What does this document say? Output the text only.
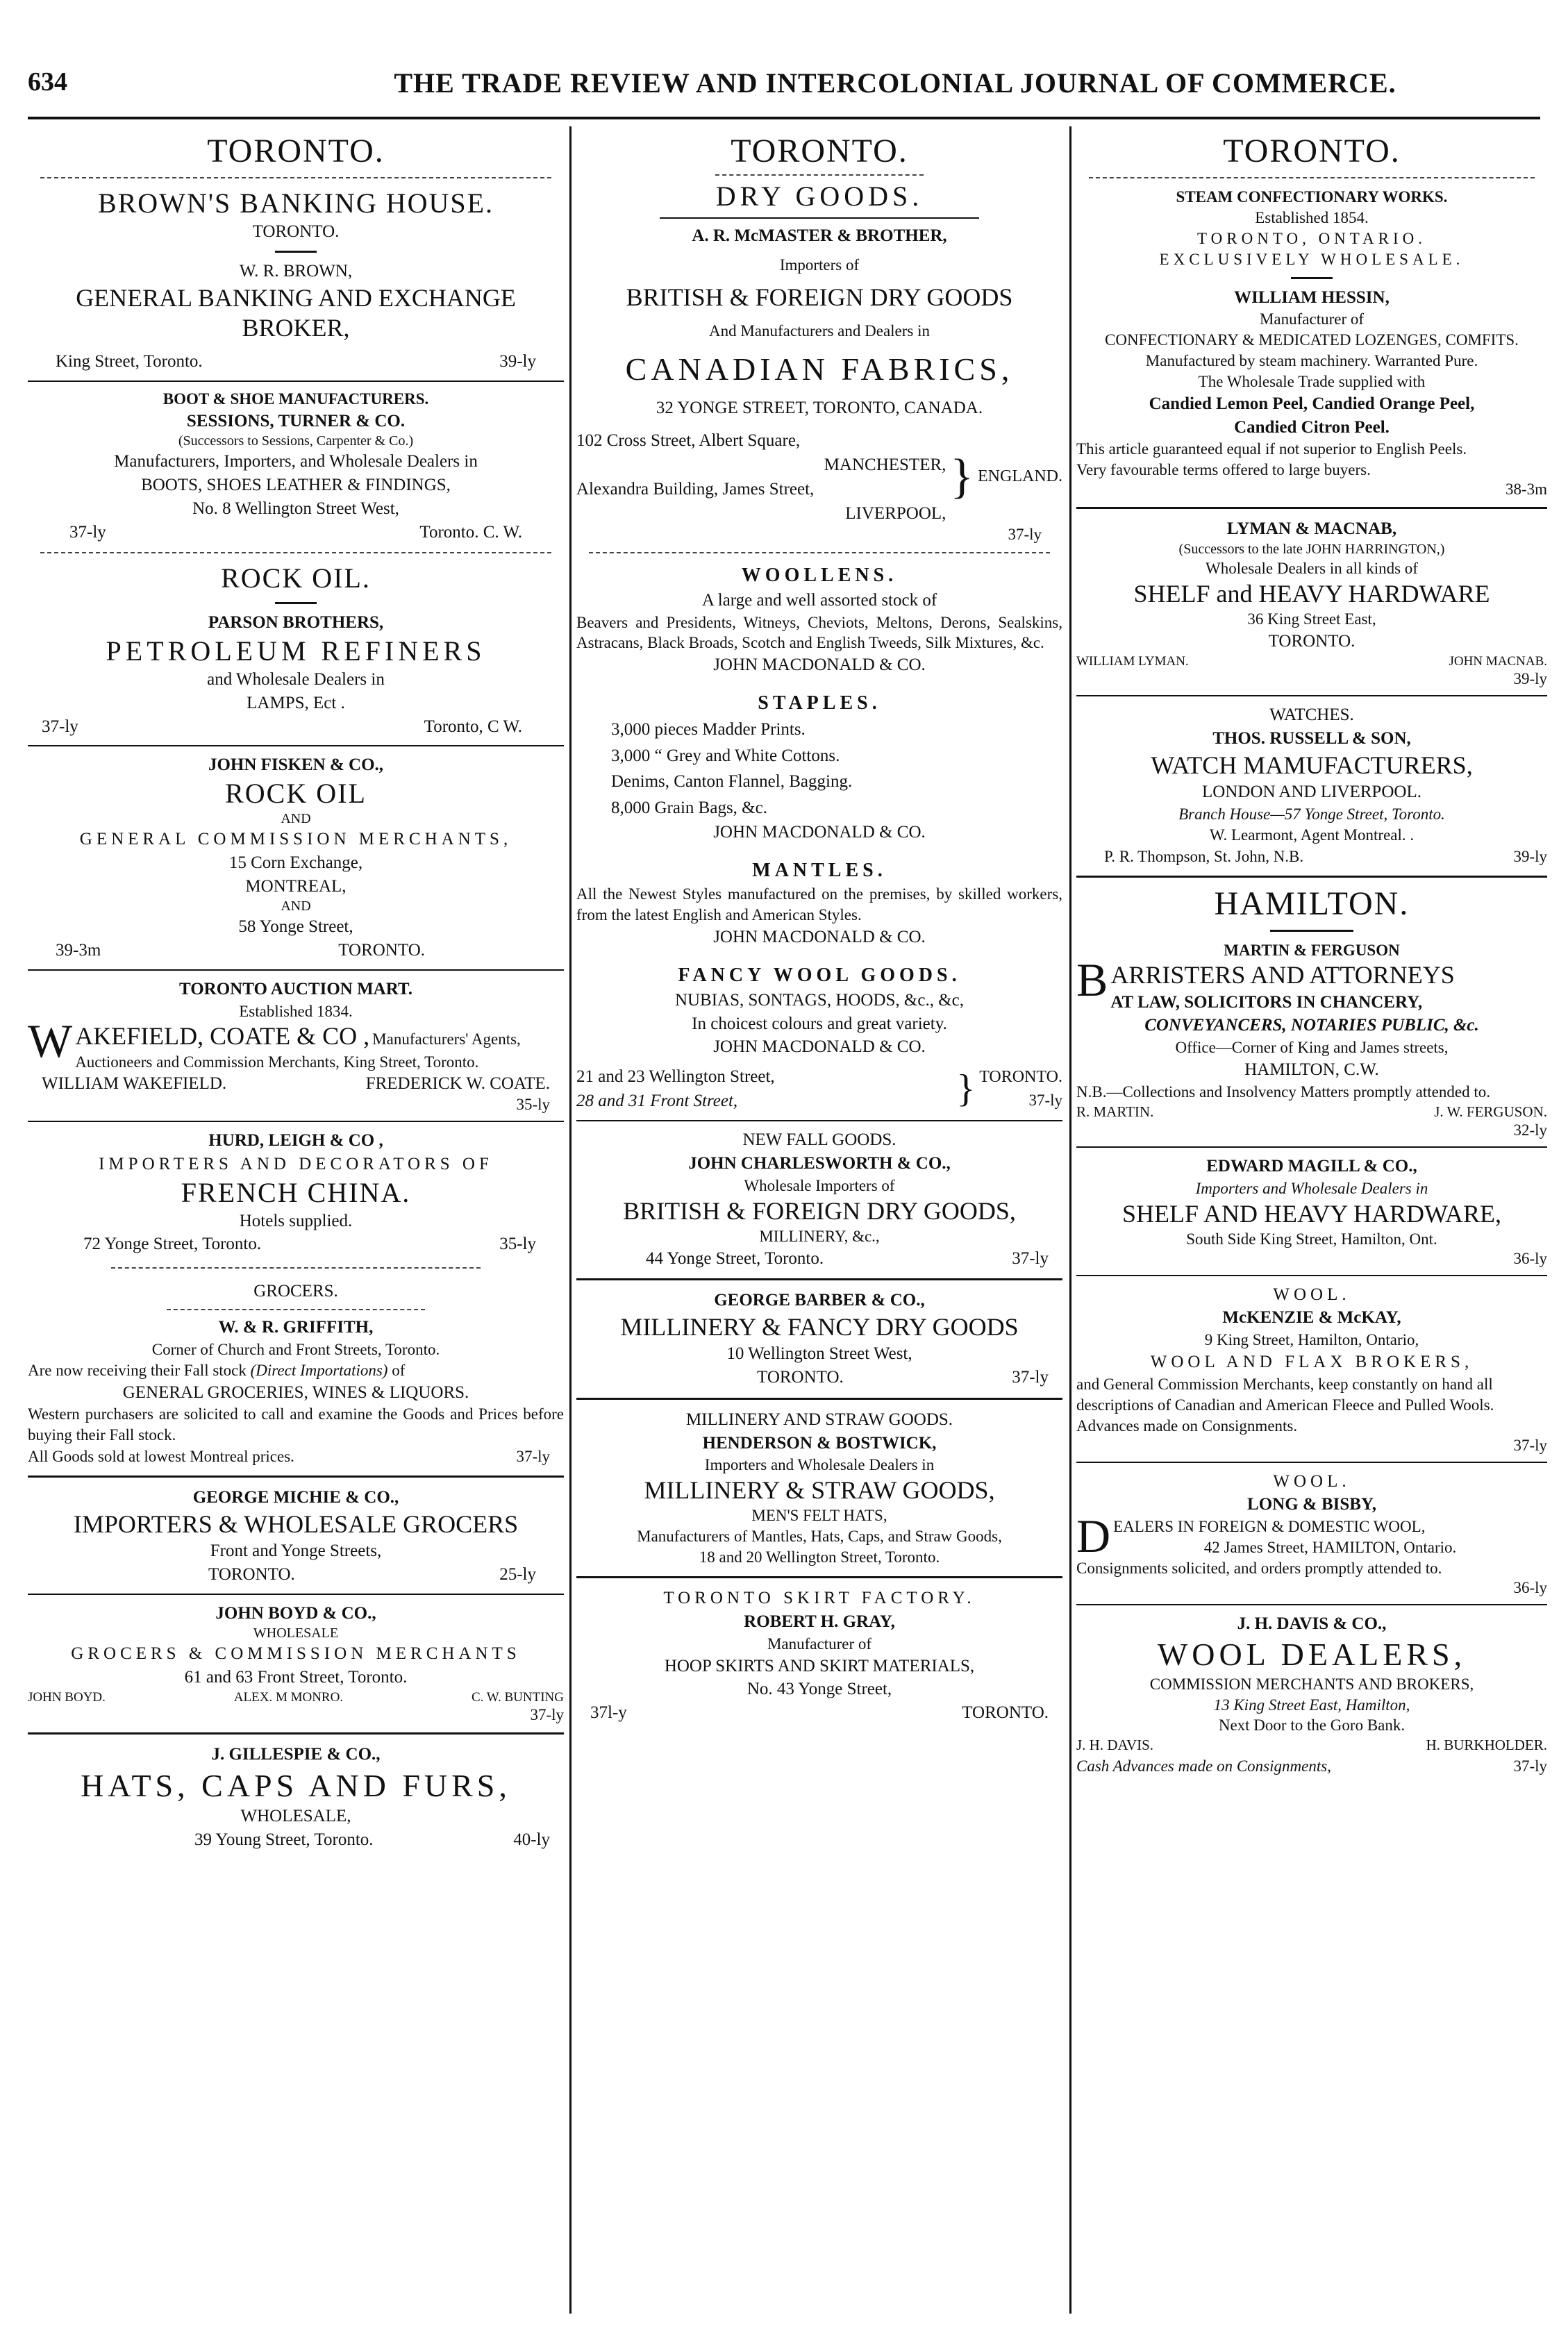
634	THE TRADE REVIEW AND INTERCOLONIAL JOURNAL OF COMMERCE.
TORONTO.
BROWN'S BANKING HOUSE.
TORONTO.
W. R. BROWN,
GENERAL BANKING AND EXCHANGE BROKER,
King Street, Toronto.	39-ly
BOOT & SHOE MANUFACTURERS.
SESSIONS, TURNER & CO.
(Successors to Sessions, Carpenter & Co.)
Manufacturers, Importers, and Wholesale Dealers in
BOOTS, SHOES LEATHER & FINDINGS,
No. 8 Wellington Street West,
37-ly	Toronto. C. W.
ROCK OIL.
PARSON BROTHERS,
PETROLEUM REFINERS
and Wholesale Dealers in
LAMPS, Ect .
37-ly	Toronto, C W.
JOHN FISKEN & CO.,
ROCK OIL
AND
GENERAL COMMISSION MERCHANTS,
15 Corn Exchange,
MONTREAL,
AND
58 Yonge Street,
39-3m	TORONTO.
TORONTO AUCTION MART.
Established 1834.
W AKEFIELD, COATE & CO , Manufacturers' Agents, Auctioneers and Commission Merchants, King Street, Toronto.
WILLIAM WAKEFIELD.	FREDERICK W. COATE.
35-ly
HURD, LEIGH & CO ,
IMPORTERS AND DECORATORS OF
FRENCH CHINA.
Hotels supplied.
72 Yonge Street, Toronto.	35-ly
GROCERS.
W. & R. GRIFFITH,
Corner of Church and Front Streets, Toronto.
Are now receiving their Fall stock (Direct Importations) of
GENERAL GROCERIES, WINES & LIQUORS.
Western purchasers are solicited to call and examine the Goods and Prices before buying their Fall stock.
All Goods sold at lowest Montreal prices.	37-ly
GEORGE MICHIE & CO.,
IMPORTERS & WHOLESALE GROCERS
Front and Yonge Streets,
TORONTO.	25-ly
JOHN BOYD & CO.,
WHOLESALE
GROCERS & COMMISSION MERCHANTS
61 and 63 Front Street, Toronto.
JOHN BOYD.	ALEX. M MONRO.	C. W. BUNTING
37-ly
J. GILLESPIE & CO.,
HATS, CAPS AND FURS,
WHOLESALE,
39 Young Street, Toronto.	40-ly
TORONTO.
DRY GOODS.
A. R. McMASTER & BROTHER,
Importers of
BRITISH & FOREIGN DRY GOODS
And Manufacturers and Dealers in
CANADIAN FABRICS,
32 YONGE STREET, TORONTO, CANADA.
102 Cross Street, Albert Square,
MANCHESTER,
Alexandra Building, James Street,
LIVERPOOL,
} ENGLAND.
37-ly
WOOLLENS.
A large and well assorted stock of
Beavers and Presidents, Witneys, Cheviots, Meltons, Derons, Sealskins, Astracans, Black Broads, Scotch and English Tweeds, Silk Mixtures, &c.
JOHN MACDONALD & CO.
STAPLES.
3,000 pieces Madder Prints.
3,000 “ Grey and White Cottons.
Denims, Canton Flannel, Bagging.
8,000 Grain Bags, &c.
JOHN MACDONALD & CO.
MANTLES.
All the Newest Styles manufactured on the premises, by skilled workers, from the latest English and American Styles.
JOHN MACDONALD & CO.
FANCY WOOL GOODS.
NUBIAS, SONTAGS, HOODS, &c., &c,
In choicest colours and great variety.
JOHN MACDONALD & CO.
21 and 23 Wellington Street,
28 and 31 Front Street,	} TORONTO.
37-ly
NEW FALL GOODS.
JOHN CHARLESWORTH & CO.,
Wholesale Importers of
BRITISH & FOREIGN DRY GOODS,
MILLINERY, &c.,
44 Yonge Street, Toronto.	37-ly
GEORGE BARBER & CO.,
MILLINERY & FANCY DRY GOODS
10 Wellington Street West,
TORONTO.	37-ly
MILLINERY AND STRAW GOODS.
HENDERSON & BOSTWICK,
Importers and Wholesale Dealers in
MILLINERY & STRAW GOODS,
MEN'S FELT HATS,
Manufacturers of Mantles, Hats, Caps, and Straw Goods,
18 and 20 Wellington Street, Toronto.
TORONTO SKIRT FACTORY.
ROBERT H. GRAY,
Manufacturer of
HOOP SKIRTS AND SKIRT MATERIALS,
No. 43 Yonge Street,
37l-y	TORONTO.
TORONTO.
STEAM CONFECTIONARY WORKS.
Established 1854.
TORONTO, ONTARIO.
EXCLUSIVELY WHOLESALE.
WILLIAM HESSIN,
Manufacturer of
CONFECTIONARY & MEDICATED LOZENGES, COMFITS.
Manufactured by steam machinery. Warranted Pure.
The Wholesale Trade supplied with
Candied Lemon Peel, Candied Orange Peel,
Candied Citron Peel.
This article guaranteed equal if not superior to English Peels.
Very favourable terms offered to large buyers.
38-3m
LYMAN & MACNAB,
(Successors to the late JOHN HARRINGTON,)
Wholesale Dealers in all kinds of
SHELF and HEAVY HARDWARE
36 King Street East,
TORONTO.
WILLIAM LYMAN.	JOHN MACNAB.
39-ly
WATCHES.
THOS. RUSSELL & SON,
WATCH MAMUFACTURERS,
LONDON AND LIVERPOOL.
Branch House—57 Yonge Street, Toronto.
W. Learmont, Agent Montreal. .
P. R. Thompson, St. John, N.B.	39-ly
HAMILTON.
MARTIN & FERGUSON
B ARRISTERS AND ATTORNEYS
AT LAW, SOLICITORS IN CHANCERY,
CONVEYANCERS, NOTARIES PUBLIC, &c.
Office—Corner of King and James streets,
HAMILTON, C.W.
N.B.—Collections and Insolvency Matters promptly attended to.
R. MARTIN.	J. W. FERGUSON.
32-ly
EDWARD MAGILL & CO.,
Importers and Wholesale Dealers in
SHELF AND HEAVY HARDWARE,
South Side King Street, Hamilton, Ont.
36-ly
WOOL.
McKENZIE & McKAY,
9 King Street, Hamilton, Ontario,
WOOL AND FLAX BROKERS,
and General Commission Merchants, keep constantly on hand all descriptions of Canadian and American Fleece and Pulled Wools. Advances made on Consignments.
37-ly
WOOL.
LONG & BISBY,
D EALERS IN FOREIGN & DOMESTIC WOOL,
42 James Street, HAMILTON, Ontario.
Consignments solicited, and orders promptly attended to.
36-ly
J. H. DAVIS & CO.,
WOOL DEALERS,
COMMISSION MERCHANTS AND BROKERS,
13 King Street East, Hamilton,
Next Door to the Goro Bank.
J. H. DAVIS.	H. BURKHOLDER.
Cash Advances made on Consignments,	37-ly
